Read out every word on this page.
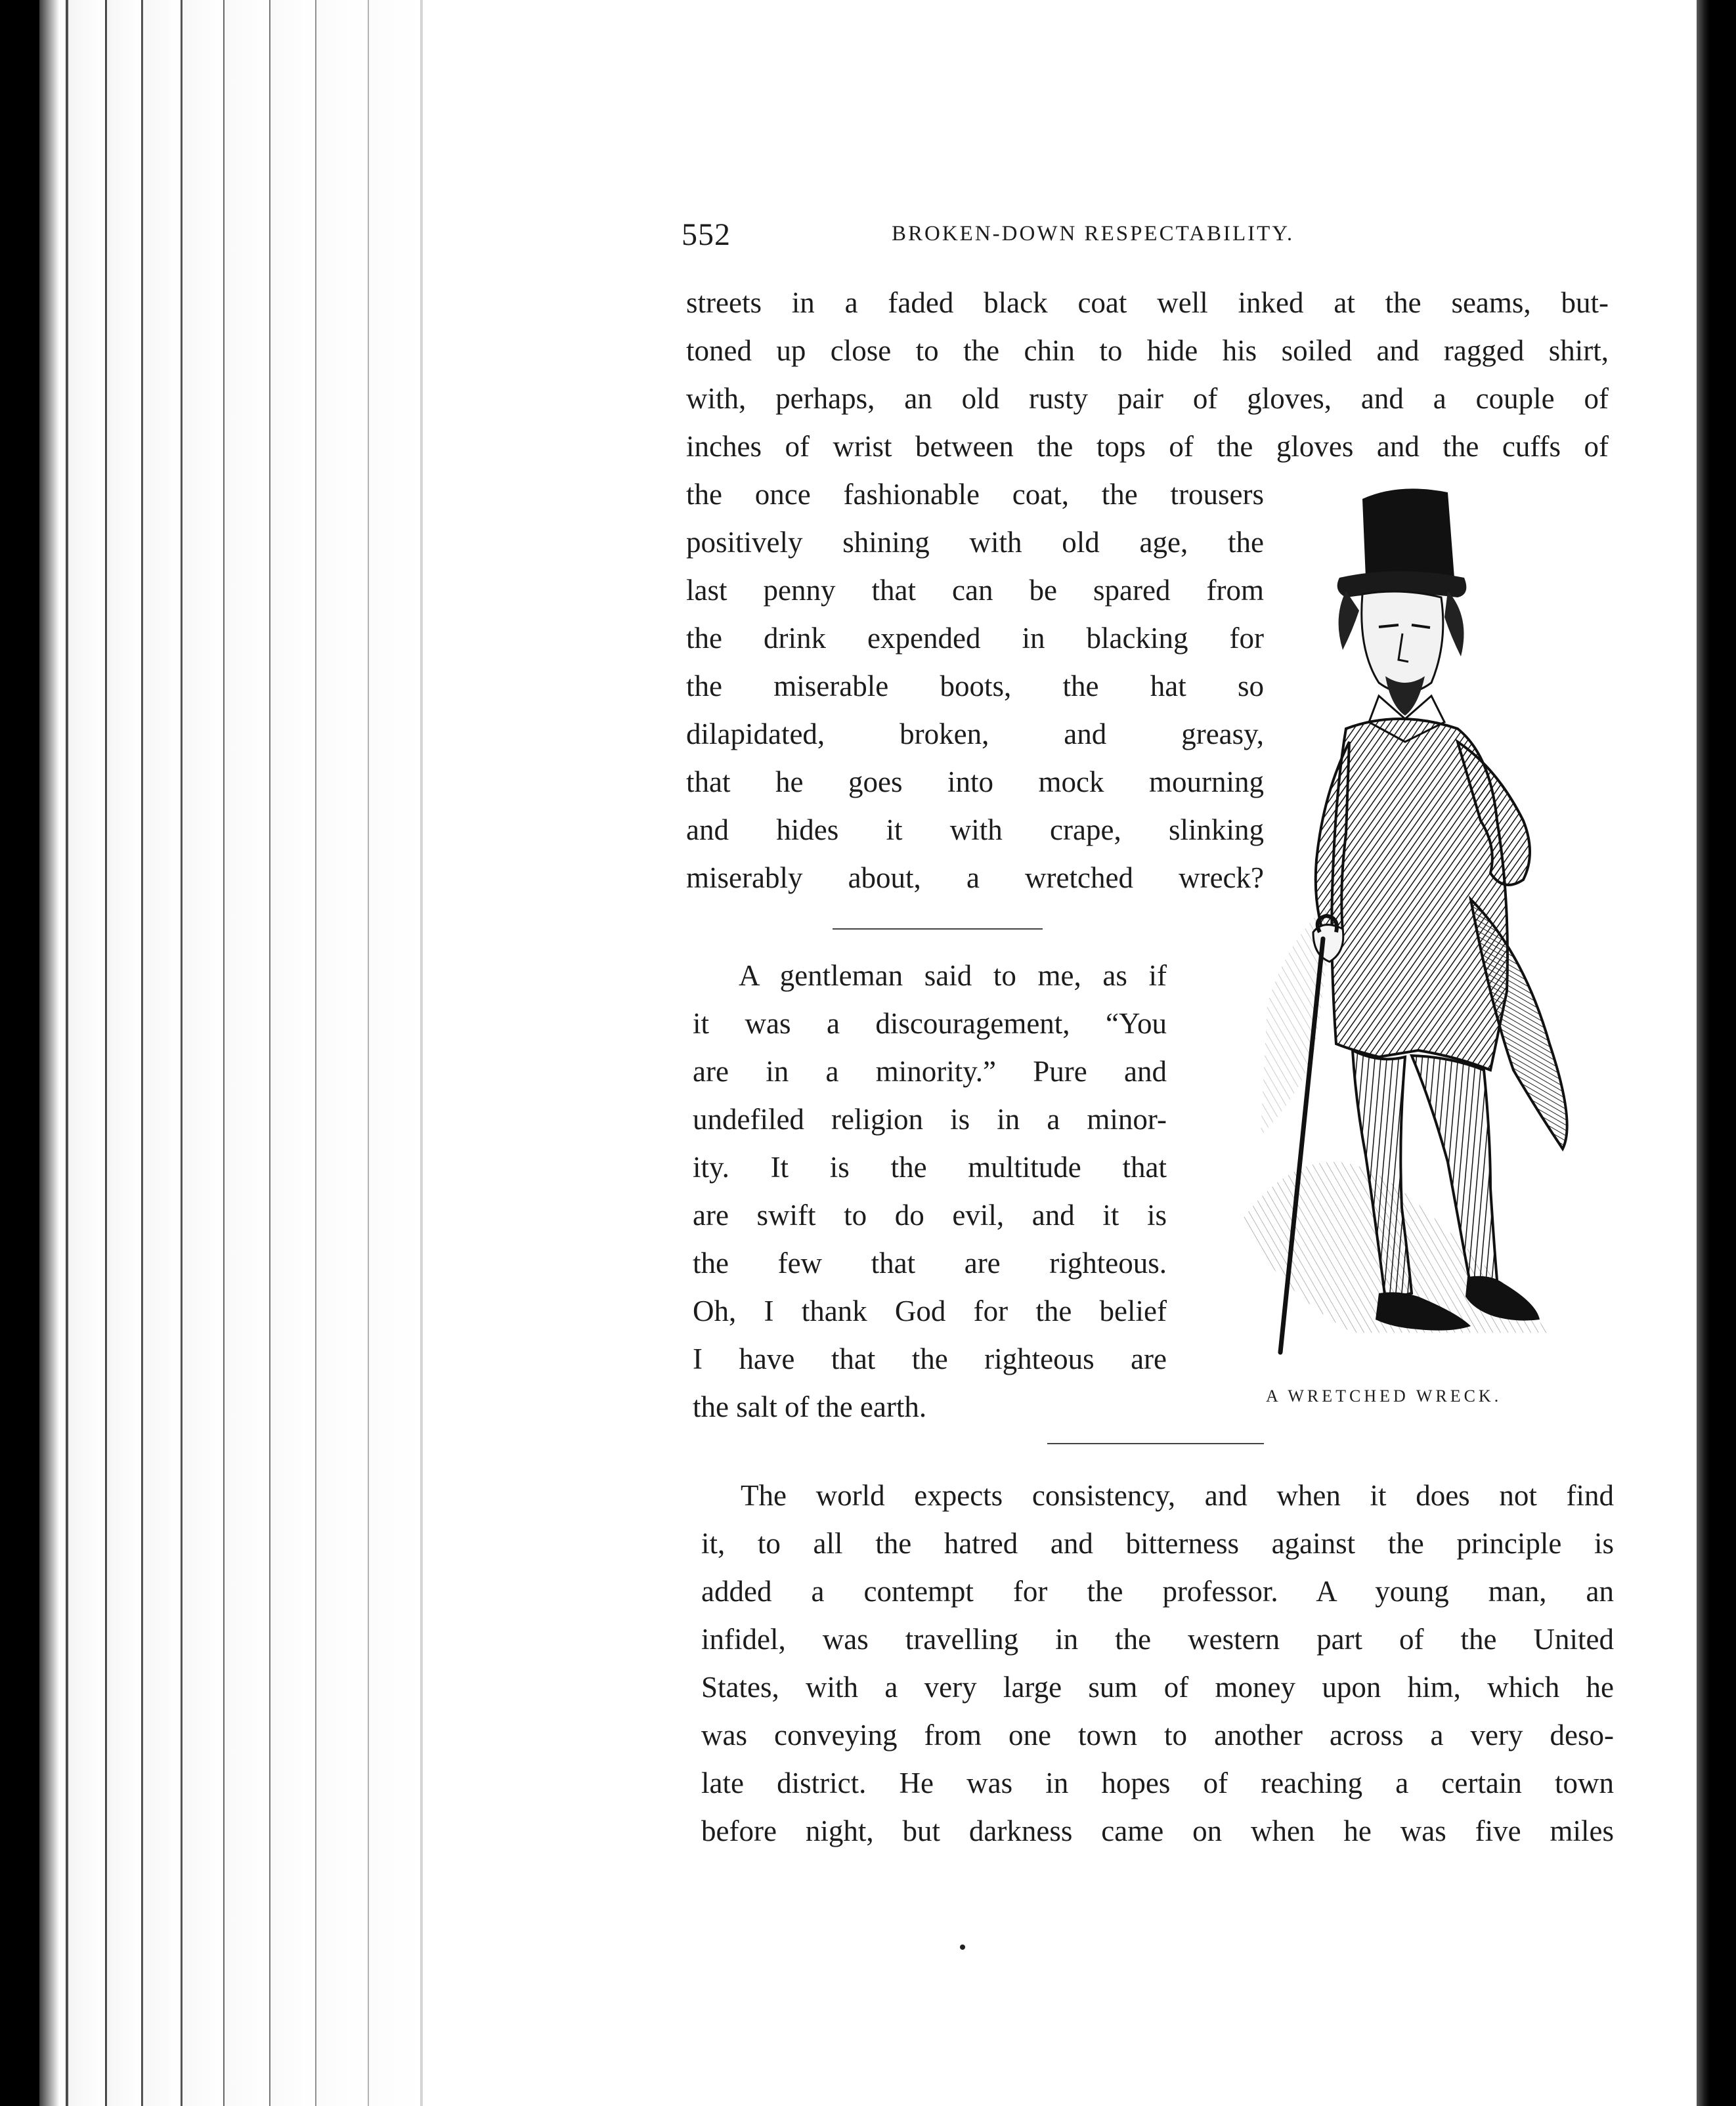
552	BROKEN-DOWN RESPECTABILITY.
streets in a faded black coat well inked at the seams, but-
toned up close to the chin to hide his soiled and ragged shirt,
with, perhaps, an old rusty pair of gloves, and a couple of
inches of wrist between the tops of the gloves and the cuffs of
the once fashionable coat, the trousers
positively shining with old age, the
last penny that can be spared from
the drink expended in blacking for
the miserable boots, the hat so
dilapidated, broken, and greasy,
that he goes into mock mourning
and hides it with crape, slinking
miserably about, a wretched wreck?
A gentleman said to me, as if
it was a discouragement, “You
are in a minority.” Pure and
undefiled religion is in a minor-
ity. It is the multitude that
are swift to do evil, and it is
the few that are righteous.
Oh, I thank God for the belief
I have that the righteous are
the salt of the earth.	A WRETCHED WRECK.
The world expects consistency, and when it does not find
it, to all the hatred and bitterness against the principle is
added a contempt for the professor. A young man, an
infidel, was travelling in the western part of the United
States, with a very large sum of money upon him, which he
was conveying from one town to another across a very deso-
late district. He was in hopes of reaching a certain town
before night, but darkness came on when he was five miles
